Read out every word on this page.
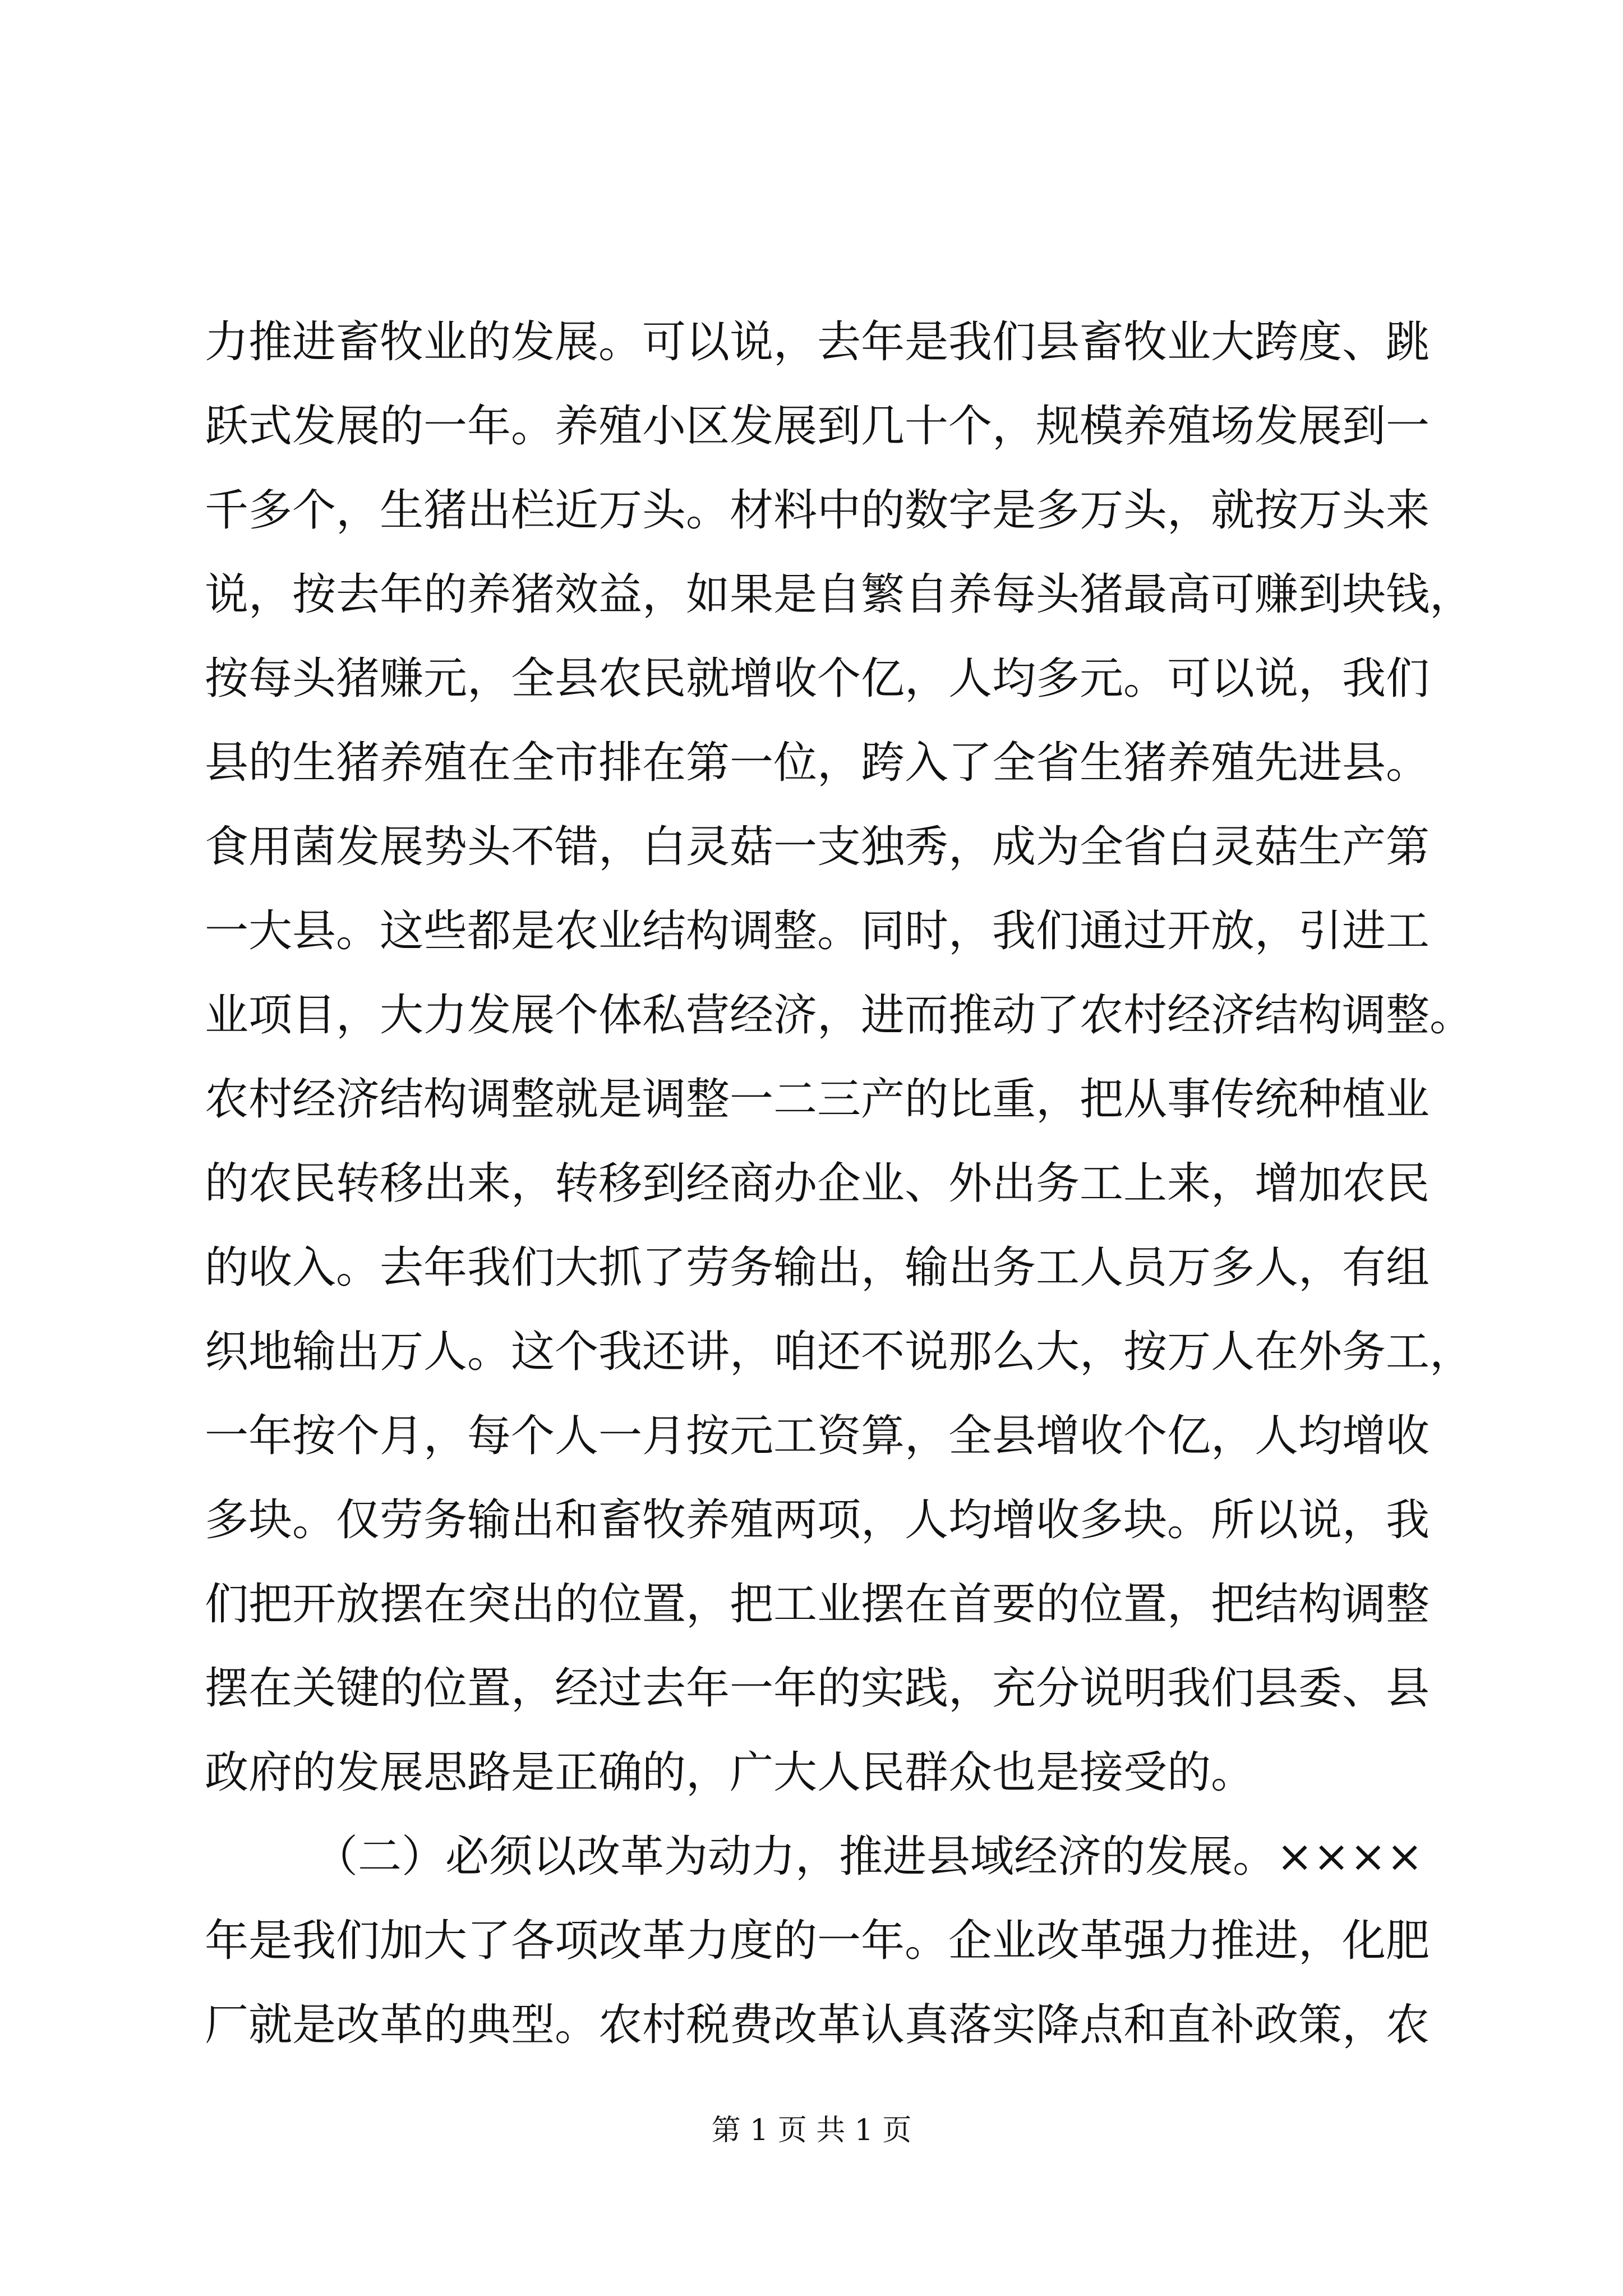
力推进畜牧业的发展。可以说，去年是我们县畜牧业大跨度、跳
跃式发展的一年。养殖小区发展到几十个，规模养殖场发展到一
千多个，生猪出栏近万头。材料中的数字是多万头，就按万头来
说，按去年的养猪效益，如果是自繁自养每头猪最高可赚到块钱，
按每头猪赚元，全县农民就增收个亿，人均多元。可以说，我们
县的生猪养殖在全市排在第一位，跨入了全省生猪养殖先进县。
食用菌发展势头不错，白灵菇一支独秀，成为全省白灵菇生产第
一大县。这些都是农业结构调整。同时，我们通过开放，引进工
业项目，大力发展个体私营经济，进而推动了农村经济结构调整。
农村经济结构调整就是调整一二三产的比重，把从事传统种植业
的农民转移出来，转移到经商办企业、外出务工上来，增加农民
的收入。去年我们大抓了劳务输出，输出务工人员万多人，有组
织地输出万人。这个我还讲，咱还不说那么大，按万人在外务工，
一年按个月，每个人一月按元工资算，全县增收个亿，人均增收
多块。仅劳务输出和畜牧养殖两项，人均增收多块。所以说，我
们把开放摆在突出的位置，把工业摆在首要的位置，把结构调整
摆在关键的位置，经过去年一年的实践，充分说明我们县委、县
政府的发展思路是正确的，广大人民群众也是接受的。
（二）必须以改革为动力，推进县域经济的发展。××××
年是我们加大了各项改革力度的一年。企业改革强力推进，化肥
厂就是改革的典型。农村税费改革认真落实降点和直补政策，农
第 1 页 共 1 页
